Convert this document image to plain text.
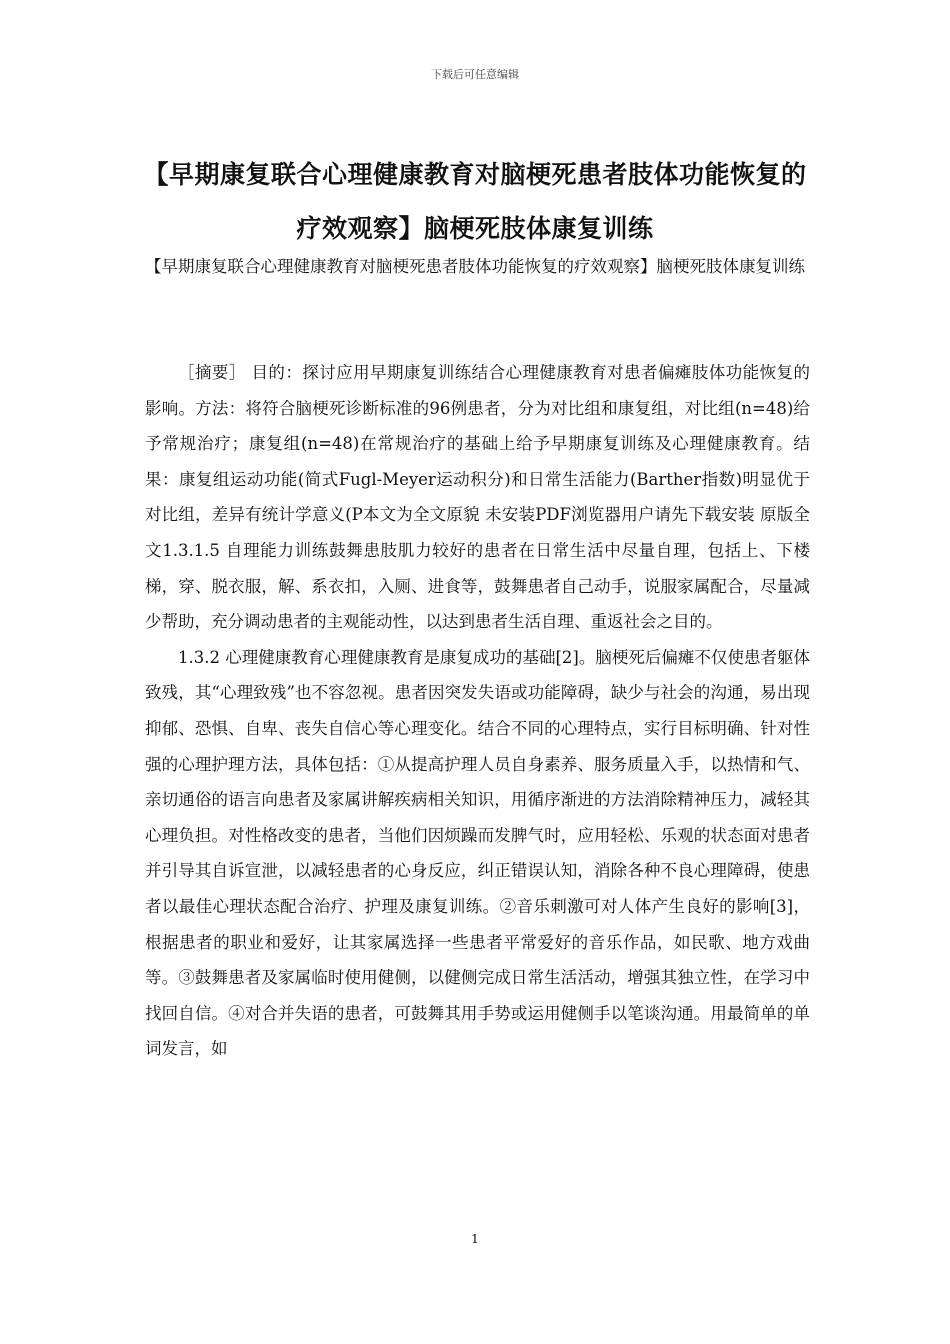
下载后可任意编辑
【早期康复联合心理健康教育对脑梗死患者肢体功能恢复的疗效观察】脑梗死肢体康复训练

【早期康复联合心理健康教育对脑梗死患者肢体功能恢复的疗效观察】脑梗死肢体康复训练

［摘要］ 目的：探讨应用早期康复训练结合心理健康教育对患者偏瘫肢体功能恢复的影响。方法：将符合脑梗死诊断标准的96例患者，分为对比组和康复组，对比组(n=48)给予常规治疗；康复组(n=48)在常规治疗的基础上给予早期康复训练及心理健康教育。结果：康复组运动功能(简式Fugl-Meyer运动积分)和日常生活能力(Barther指数)明显优于对比组，差异有统计学意义(P本文为全文原貌 未安装PDF浏览器用户请先下载安装 原版全文1.3.1.5 自理能力训练鼓舞患肢肌力较好的患者在日常生活中尽量自理，包括上、下楼梯，穿、脱衣服，解、系衣扣，入厕、进食等，鼓舞患者自己动手，说服家属配合，尽量减少帮助，充分调动患者的主观能动性，以达到患者生活自理、重返社会之目的。

1.3.2 心理健康教育心理健康教育是康复成功的基础[2]。脑梗死后偏瘫不仅使患者躯体致残，其“心理致残”也不容忽视。患者因突发失语或功能障碍，缺少与社会的沟通，易出现抑郁、恐惧、自卑、丧失自信心等心理变化。结合不同的心理特点，实行目标明确、针对性强的心理护理方法，具体包括：①从提高护理人员自身素养、服务质量入手，以热情和气、亲切通俗的语言向患者及家属讲解疾病相关知识，用循序渐进的方法消除精神压力，减轻其心理负担。对性格改变的患者，当他们因烦躁而发脾气时，应用轻松、乐观的状态面对患者并引导其自诉宣泄，以减轻患者的心身反应，纠正错误认知，消除各种不良心理障碍，使患者以最佳心理状态配合治疗、护理及康复训练。②音乐刺激可对人体产生良好的影响[3]，根据患者的职业和爱好，让其家属选择一些患者平常爱好的音乐作品，如民歌、地方戏曲等。③鼓舞患者及家属临时使用健侧，以健侧完成日常生活活动，增强其独立性，在学习中找回自信。④对合并失语的患者，可鼓舞其用手势或运用健侧手以笔谈沟通。用最简单的单词发言，如

1
